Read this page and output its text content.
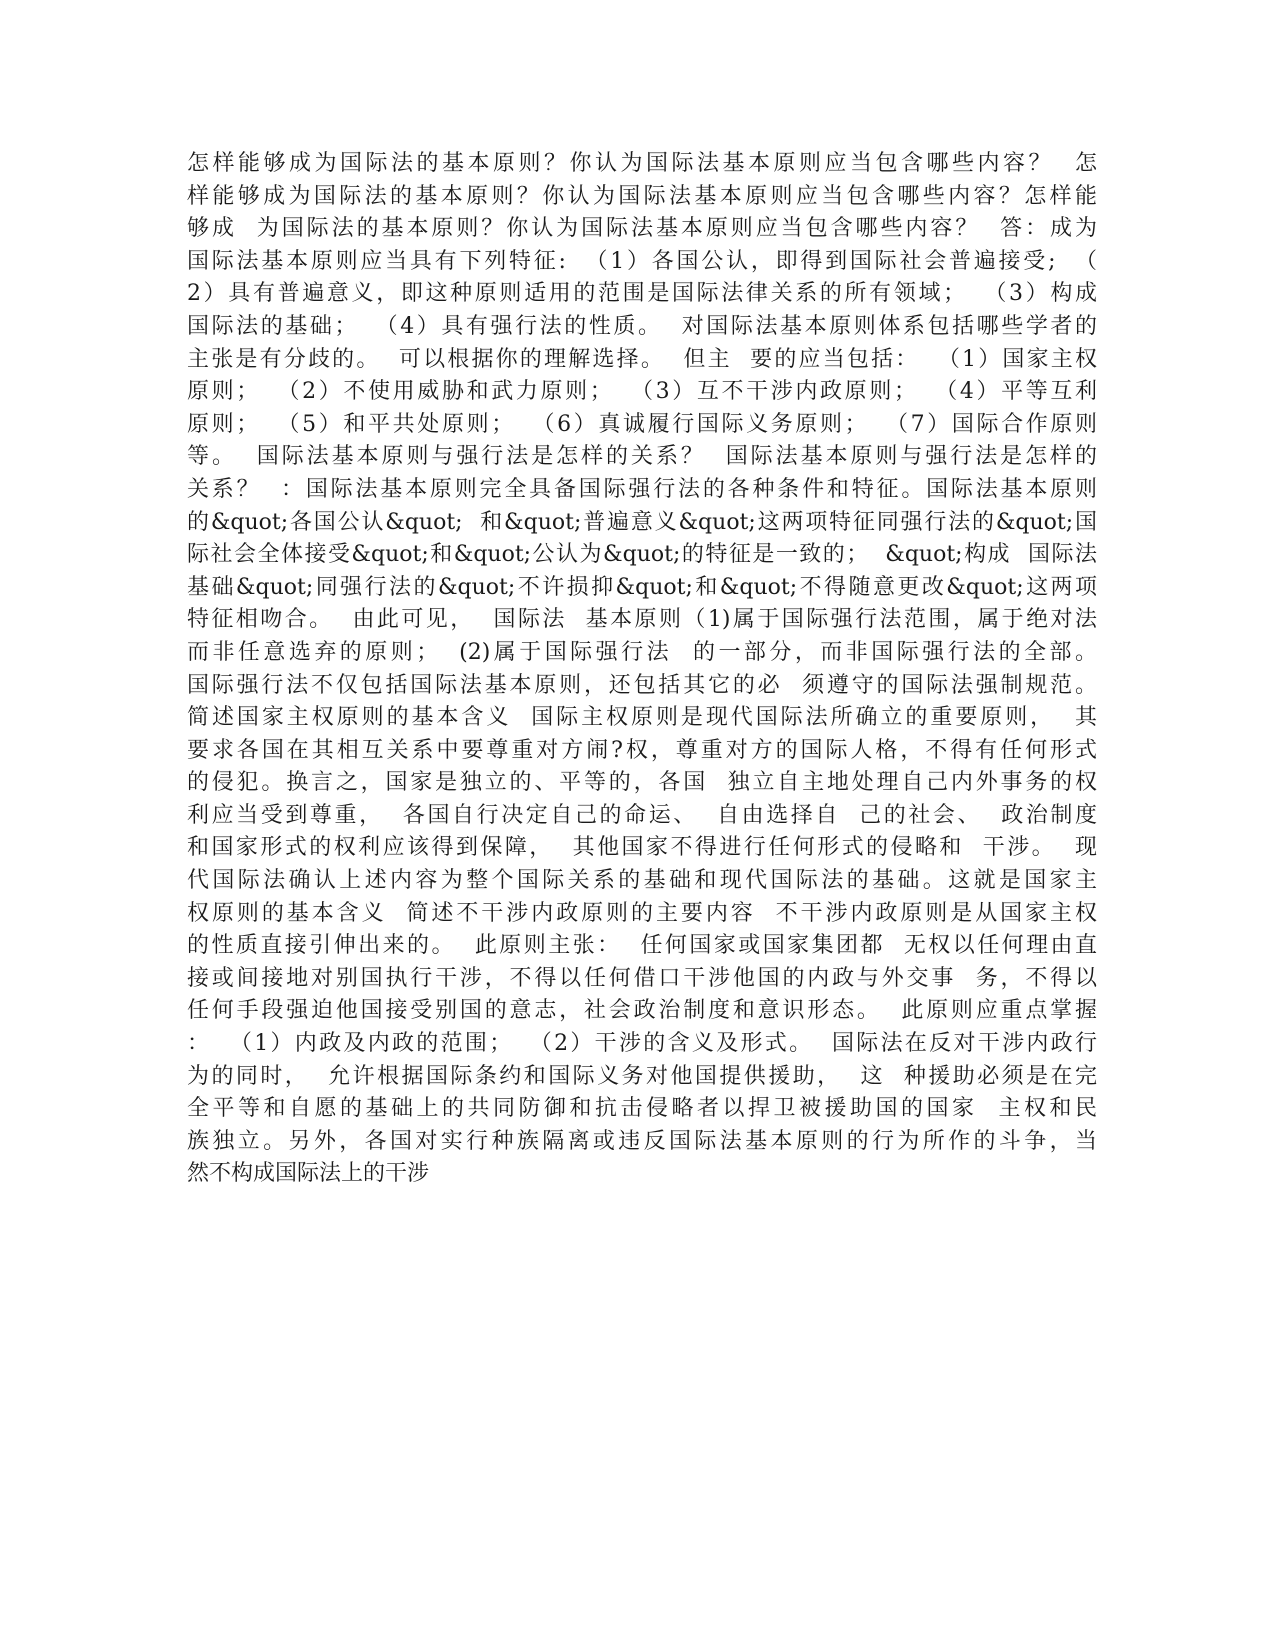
怎样能够成为国际法的基本原则？你认为国际法基本原则应当包含哪些内容？  怎
样能够成为国际法的基本原则？你认为国际法基本原则应当包含哪些内容？怎样能
够成  为国际法的基本原则？你认为国际法基本原则应当包含哪些内容？  答：成为
国际法基本原则应当具有下列特征:  （1）各国公认，即得到国际社会普遍接受;  （
2）具有普遍意义，即这种原则适用的范围是国际法律关系的所有领域；  （3）构成
国际法的基础；  （4）具有强行法的性质。  对国际法基本原则体系包括哪些学者的
主张是有分歧的。  可以根据你的理解选择。  但主  要的应当包括：  （1）国家主权
原则；  （2）不使用威胁和武力原则；  （3）互不干涉内政原则；  （4）平等互利
原则；  （5）和平共处原则；  （6）真诚履行国际义务原则；  （7）国际合作原则
等。  国际法基本原则与强行法是怎样的关系？  国际法基本原则与强行法是怎样的
关系？  ：国际法基本原则完全具备国际强行法的各种条件和特征。国际法基本原则
的&quot;各国公认&quot;  和&quot;普遍意义&quot;这两项特征同强行法的&quot;国
际社会全体接受&quot;和&quot;公认为&quot;的特征是一致的；  &quot;构成  国际法
基础&quot;同强行法的&quot;不许损抑&quot;和&quot;不得随意更改&quot;这两项
特征相吻合。  由此可见，  国际法  基本原则（1)属于国际强行法范围，属于绝对法
而非任意选弃的原则；  (2)属于国际强行法  的一部分，而非国际强行法的全部。
国际强行法不仅包括国际法基本原则，还包括其它的必  须遵守的国际法强制规范。
简述国家主权原则的基本含义  国际主权原则是现代国际法所确立的重要原则，  其
要求各国在其相互关系中要尊重对方闹?权，尊重对方的国际人格，不得有任何形式
的侵犯。换言之，国家是独立的、平等的，各国  独立自主地处理自己内外事务的权
利应当受到尊重，  各国自行决定自己的命运、  自由选择自  己的社会、  政治制度
和国家形式的权利应该得到保障，  其他国家不得进行任何形式的侵略和  干涉。  现
代国际法确认上述内容为整个国际关系的基础和现代国际法的基础。这就是国家主
权原则的基本含义  简述不干涉内政原则的主要内容  不干涉内政原则是从国家主权
的性质直接引伸出来的。  此原则主张：  任何国家或国家集团都  无权以任何理由直
接或间接地对别国执行干涉，不得以任何借口干涉他国的内政与外交事  务，不得以
任何手段强迫他国接受别国的意志，社会政治制度和意识形态。  此原则应重点掌握
：  （1）内政及内政的范围；  （2）干涉的含义及形式。  国际法在反对干涉内政行
为的同时，  允许根据国际条约和国际义务对他国提供援助，  这  种援助必须是在完
全平等和自愿的基础上的共同防御和抗击侵略者以捍卫被援助国的国家  主权和民
族独立。另外，各国对实行种族隔离或违反国际法基本原则的行为所作的斗争，当
然不构成国际法上的干涉
